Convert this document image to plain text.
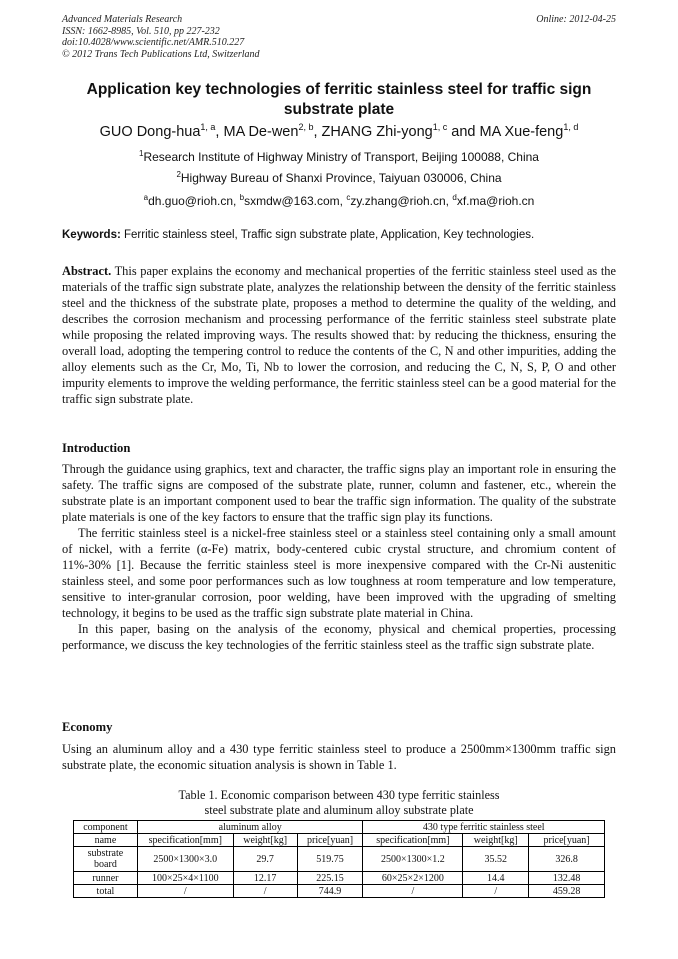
Advanced Materials Research
ISSN: 1662-8985, Vol. 510, pp 227-232
doi:10.4028/www.scientific.net/AMR.510.227
© 2012 Trans Tech Publications Ltd, Switzerland
Online: 2012-04-25
Application key technologies of ferritic stainless steel for traffic sign
substrate plate
GUO Dong-hua$^{1, a}$, MA De-wen$^{2, b}$, ZHANG Zhi-yong$^{1, c}$ and MA Xue-feng$^{1, d}$
$^1$Research Institute of Highway Ministry of Transport, Beijing 100088, China
$^2$Highway Bureau of Shanxi Province, Taiyuan 030006, China
$^a$dh.guo@rioh.cn, $^b$sxmdw@163.com, $^c$zy.zhang@rioh.cn, $^d$xf.ma@rioh.cn
Keywords: Ferritic stainless steel, Traffic sign substrate plate, Application, Key technologies.

Abstract. This paper explains the economy and mechanical properties of the ferritic stainless steel used as the materials of the traffic sign substrate plate, analyzes the relationship between the density of the ferritic stainless steel and the thickness of the substrate plate, proposes a method to determine the quality of the welding, and describes the corrosion mechanism and processing performance of the ferritic stainless steel substrate plate while proposing the related improving ways. The results showed that: by reducing the thickness, ensuring the overall load, adopting the tempering control to reduce the contents of the C, N and other impurities, adding the alloy elements such as the Cr, Mo, Ti, Nb to lower the corrosion, and reducing the C, N, S, P, O and other impurity elements to improve the welding performance, the ferritic stainless steel can be a good material for the traffic sign substrate plate.

Introduction

Through the guidance using graphics, text and character, the traffic signs play an important role in ensuring the safety. The traffic signs are composed of the substrate plate, runner, column and fastener, etc., wherein the substrate plate is an important component used to bear the traffic sign information. The quality of the substrate plate materials is one of the key factors to ensure that the traffic sign play its functions.

The ferritic stainless steel is a nickel-free stainless steel or a stainless steel containing only a small amount of nickel, with a ferrite (α-Fe) matrix, body-centered cubic crystal structure, and chromium content of 11%-30% [1]. Because the ferritic stainless steel is more inexpensive compared with the Cr-Ni austenitic stainless steel, and some poor performances such as low toughness at room temperature and low temperature, sensitive to inter-granular corrosion, poor welding, have been improved with the upgrading of smelting technology, it begins to be used as the traffic sign substrate plate material in China.

In this paper, basing on the analysis of the economy, physical and chemical properties, processing performance, we discuss the key technologies of the ferritic stainless steel as the traffic sign substrate plate.

Economy

Using an aluminum alloy and a 430 type ferritic stainless steel to produce a 2500mm×1300mm traffic sign substrate plate, the economic situation analysis is shown in Table 1.

Table 1. Economic comparison between 430 type ferritic stainless
steel substrate plate and aluminum alloy substrate plate
component	aluminum alloy			430 type ferritic stainless steel		
name	specification[mm]	weight[kg]	price[yuan]	specification[mm]	weight[kg]	price[yuan]
substrate board	2500×1300×3.0	29.7	519.75	2500×1300×1.2	35.52	326.8
runner	100×25×4×1100	12.17	225.15	60×25×2×1200	14.4	132.48
total	/	/	744.9	/	/	459.28
